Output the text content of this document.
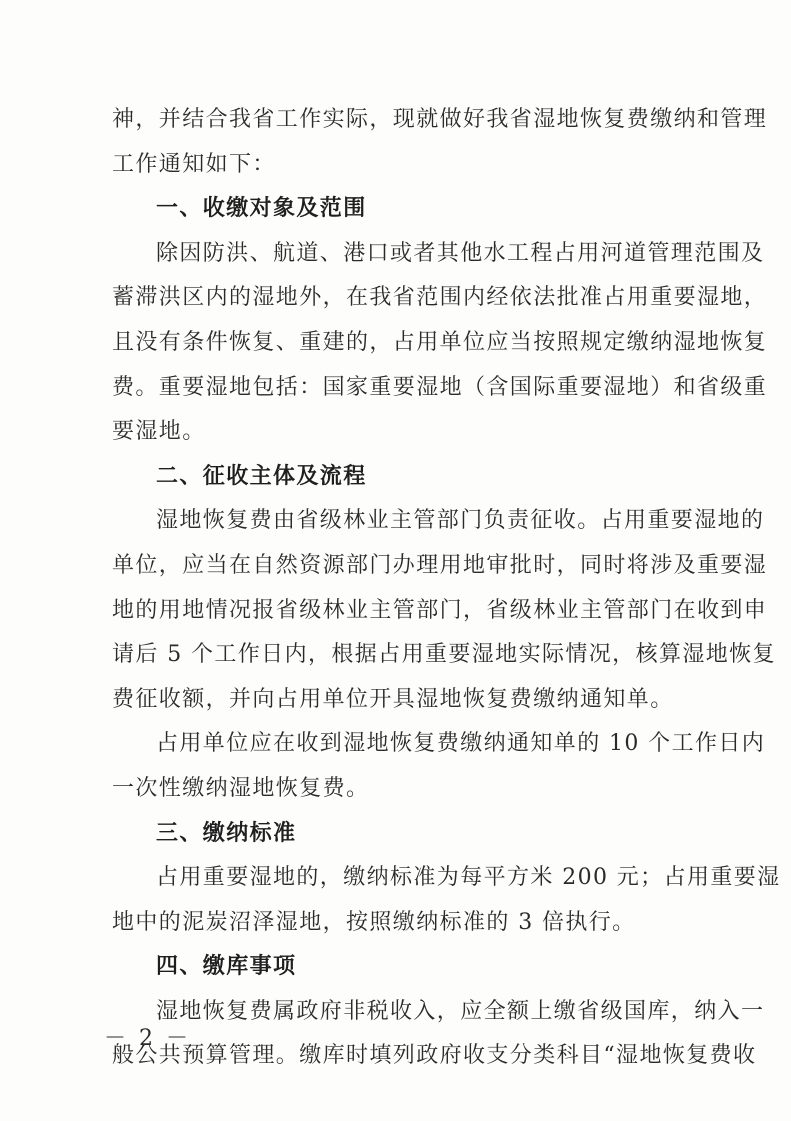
神，并结合我省工作实际，现就做好我省湿地恢复费缴纳和管理
工作通知如下：
一、收缴对象及范围
除因防洪、航道、港口或者其他水工程占用河道管理范围及
蓄滞洪区内的湿地外，在我省范围内经依法批准占用重要湿地，
且没有条件恢复、重建的，占用单位应当按照规定缴纳湿地恢复
费。重要湿地包括：国家重要湿地（含国际重要湿地）和省级重
要湿地。
二、征收主体及流程
湿地恢复费由省级林业主管部门负责征收。占用重要湿地的
单位，应当在自然资源部门办理用地审批时，同时将涉及重要湿
地的用地情况报省级林业主管部门，省级林业主管部门在收到申
请后 5 个工作日内，根据占用重要湿地实际情况，核算湿地恢复
费征收额，并向占用单位开具湿地恢复费缴纳通知单。
占用单位应在收到湿地恢复费缴纳通知单的 10 个工作日内
一次性缴纳湿地恢复费。
三、缴纳标准
占用重要湿地的，缴纳标准为每平方米 200 元；占用重要湿
地中的泥炭沼泽湿地，按照缴纳标准的 3 倍执行。
四、缴库事项
湿地恢复费属政府非税收入，应全额上缴省级国库，纳入一
般公共预算管理。缴库时填列政府收支分类科目“湿地恢复费收
－ 2 －
